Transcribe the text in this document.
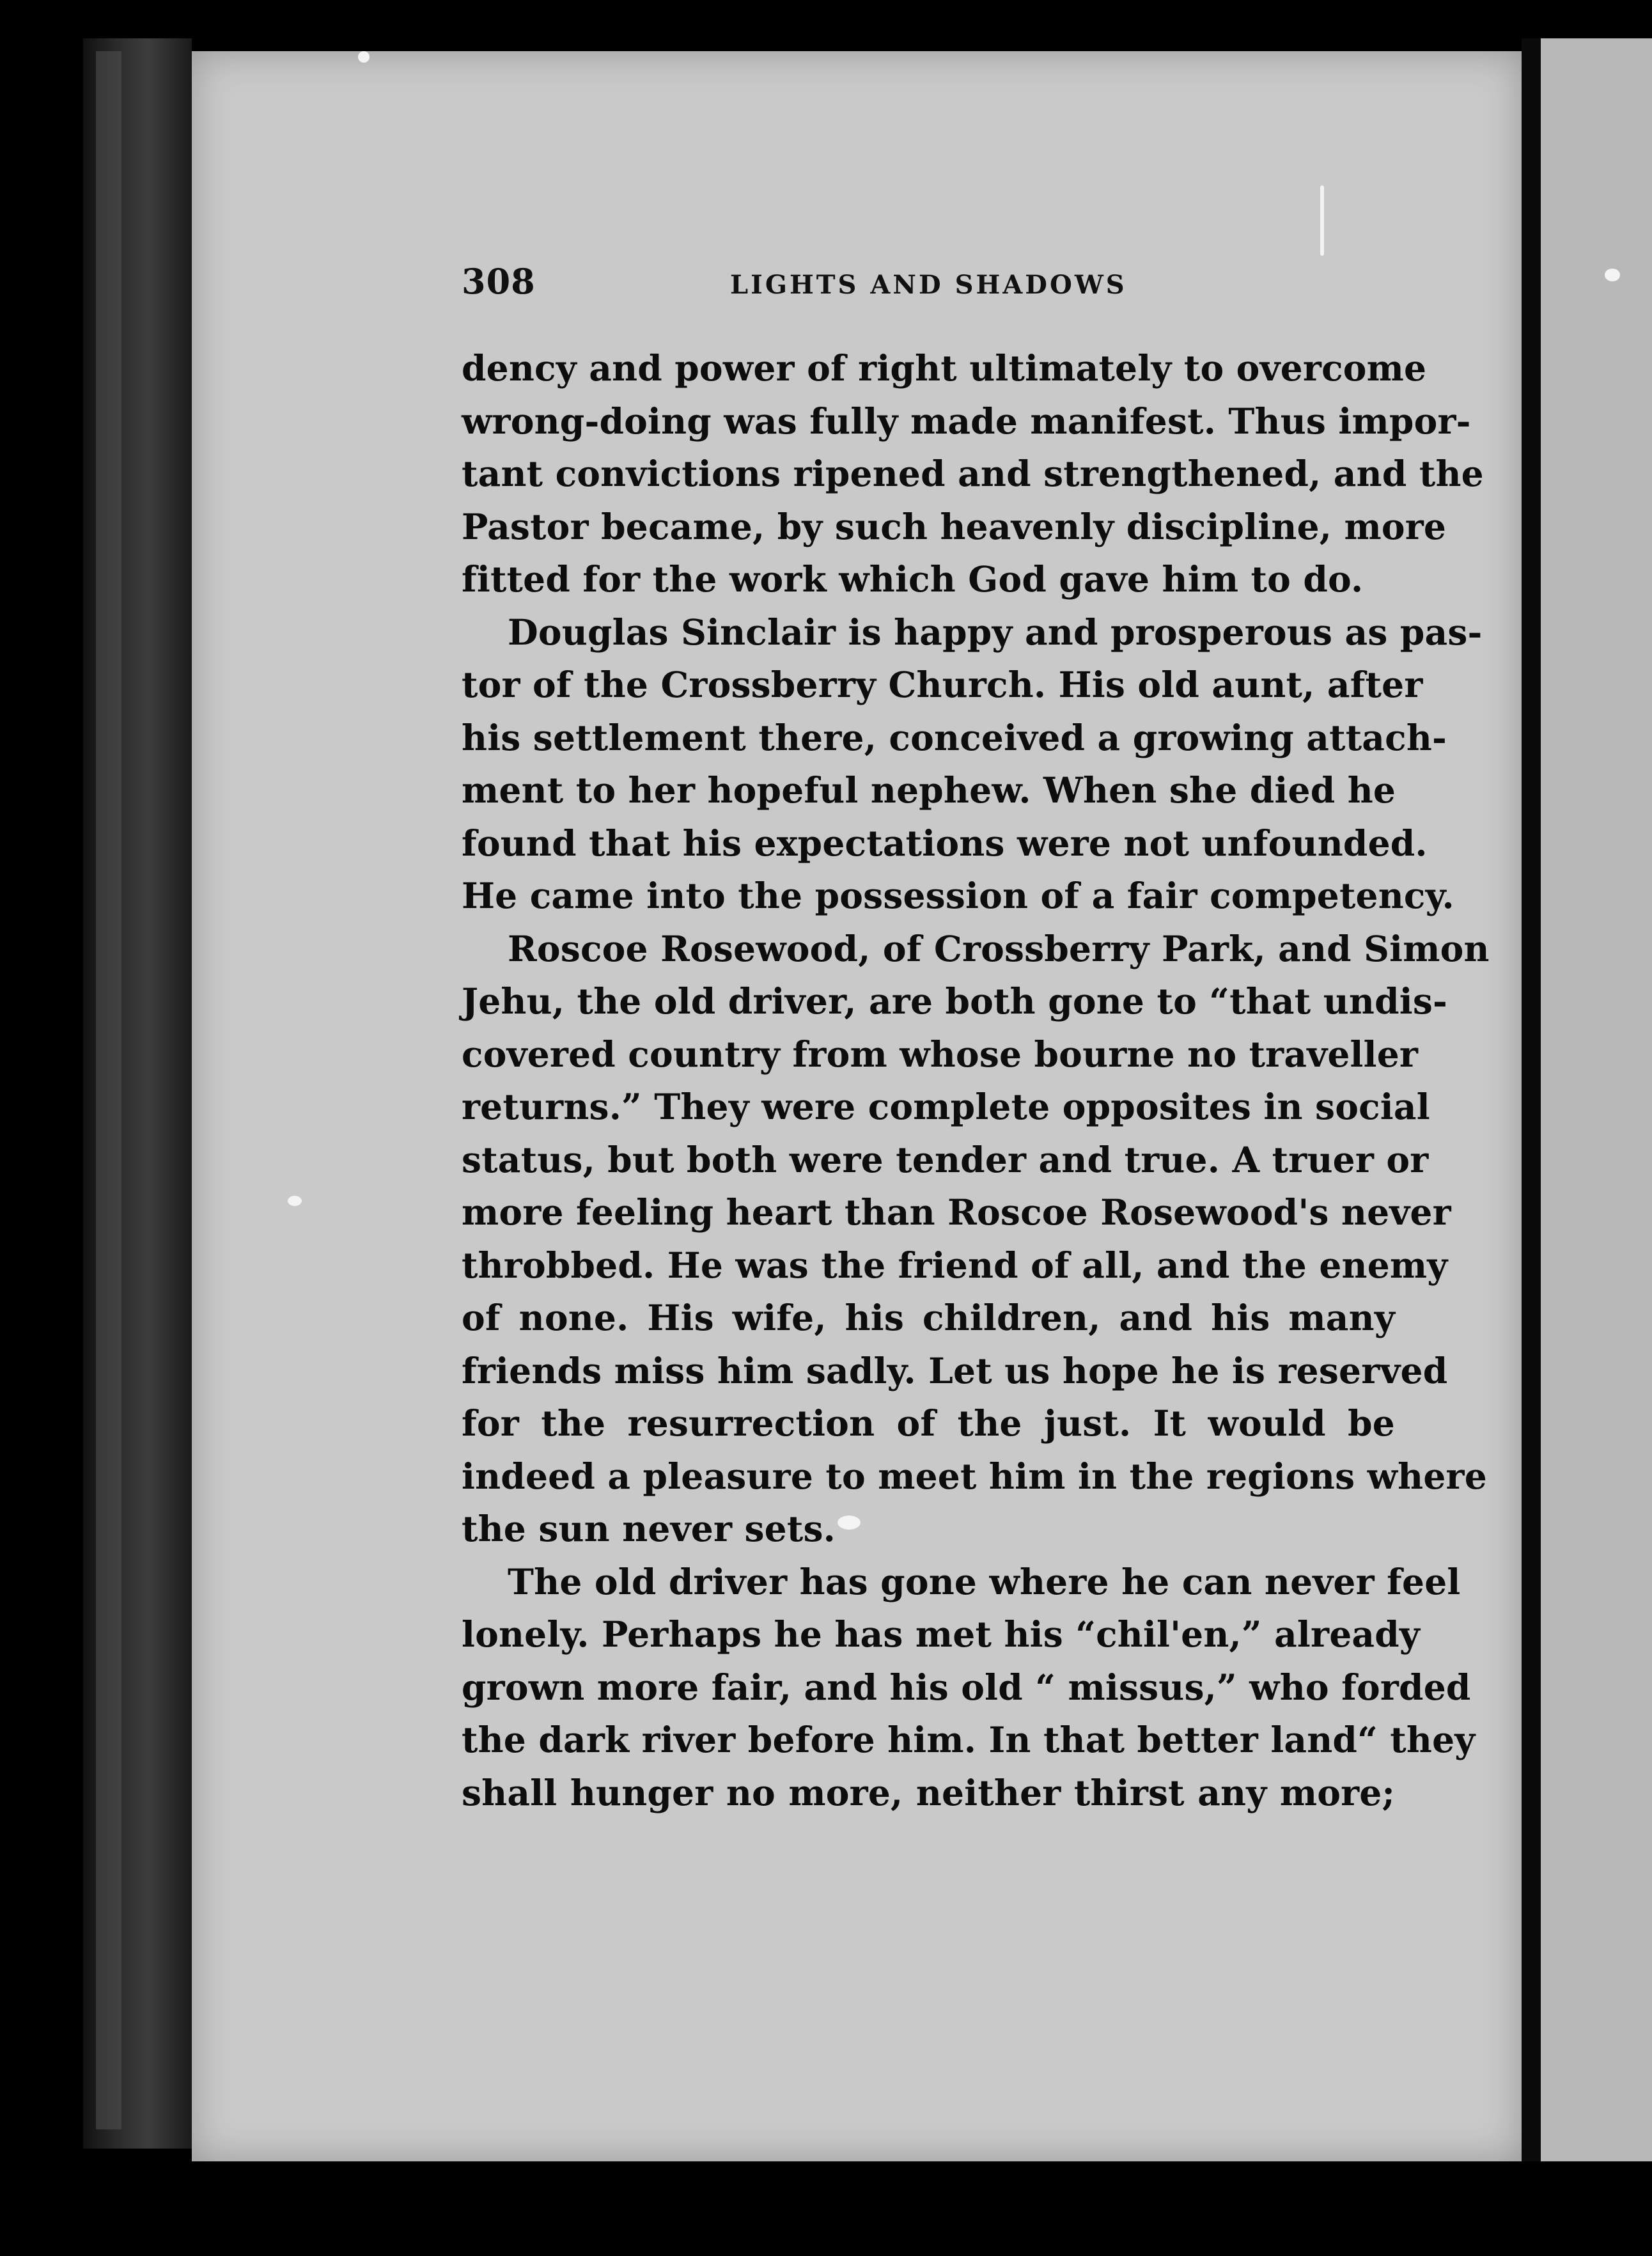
308	LIGHTS AND SHADOWS
dency and power of right ultimately to overcome
wrong-doing was fully made manifest. Thus impor-
tant convictions ripened and strengthened, and the
Pastor became, by such heavenly discipline, more
fitted for the work which God gave him to do.
Douglas Sinclair is happy and prosperous as pas-
tor of the Crossberry Church. His old aunt, after
his settlement there, conceived a growing attach-
ment to her hopeful nephew. When she died he
found that his expectations were not unfounded.
He came into the possession of a fair competency.
Roscoe Rosewood, of Crossberry Park, and Simon
Jehu, the old driver, are both gone to “that undis-
covered country from whose bourne no traveller
returns.” They were complete opposites in social
status, but both were tender and true. A truer or
more feeling heart than Roscoe Rosewood's never
throbbed. He was the friend of all, and the enemy
of none. His wife, his children, and his many
friends miss him sadly. Let us hope he is reserved
for the resurrection of the just. It would be
indeed a pleasure to meet him in the regions where
the sun never sets.
The old driver has gone where he can never feel
lonely. Perhaps he has met his “chil'en,” already
grown more fair, and his old “ missus,” who forded
the dark river before him. In that better land“ they
shall hunger no more, neither thirst any more;
